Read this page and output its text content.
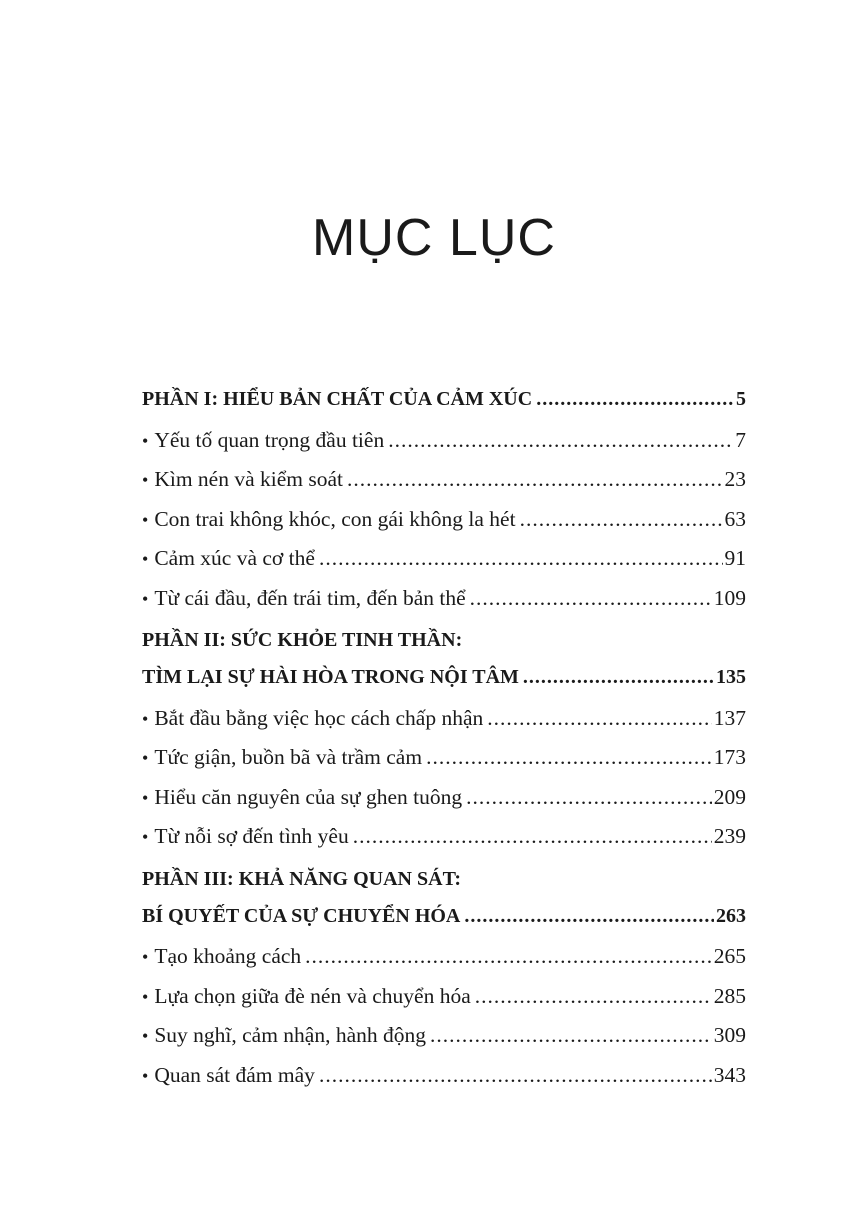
MỤC LỤC
PHẦN I: HIỂU BẢN CHẤT CỦA CẢM XÚC .....	5
• Yếu tố quan trọng đầu tiên .....	7
• Kìm nén và kiểm soát .....	23
• Con trai không khóc, con gái không la hét .....	63
• Cảm xúc và cơ thể .....	91
• Từ cái đầu, đến trái tim, đến bản thể .....	109
PHẦN II: SỨC KHỎE TINH THẦN:
TÌM LẠI SỰ HÀI HÒA TRONG NỘI TÂM .....	135
• Bắt đầu bằng việc học cách chấp nhận .....	137
• Tức giận, buồn bã và trầm cảm .....	173
• Hiểu căn nguyên của sự ghen tuông .....	209
• Từ nỗi sợ đến tình yêu .....	239
PHẦN III: KHẢ NĂNG QUAN SÁT:
BÍ QUYẾT CỦA SỰ CHUYỂN HÓA .....	263
• Tạo khoảng cách .....	265
• Lựa chọn giữa đè nén và chuyển hóa .....	285
• Suy nghĩ, cảm nhận, hành động .....	309
• Quan sát đám mây .....	343
